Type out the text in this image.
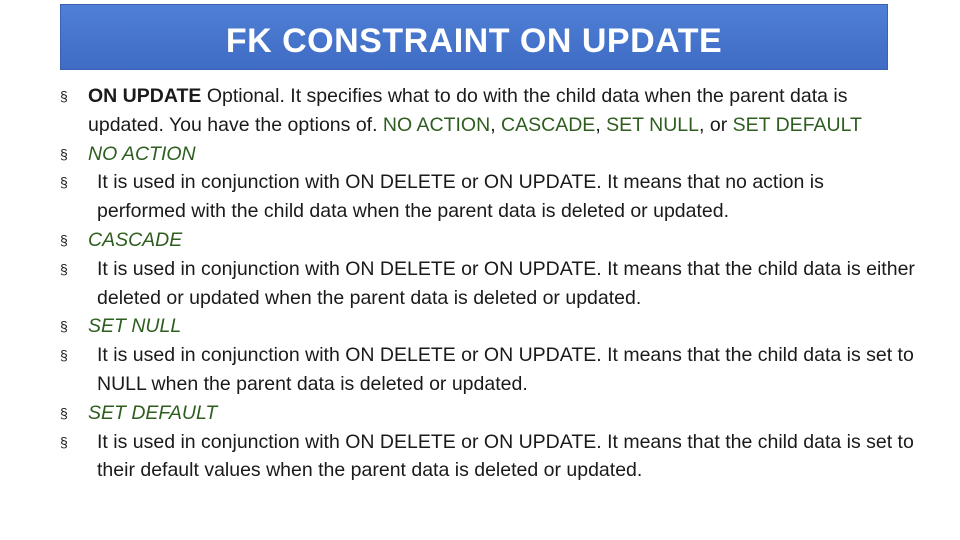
FK CONSTRAINT ON UPDATE
§ ON UPDATE Optional. It specifies what to do with the child data when the parent data is updated. You have the options of. NO ACTION, CASCADE, SET NULL, or SET DEFAULT
§ NO ACTION
§	It is used in conjunction with ON DELETE or ON UPDATE. It means that no action is performed with the child data when the parent data is deleted or updated.
§ CASCADE
§	It is used in conjunction with ON DELETE or ON UPDATE. It means that the child data is either deleted or updated when the parent data is deleted or updated.
§ SET NULL
§	It is used in conjunction with ON DELETE or ON UPDATE. It means that the child data is set to NULL when the parent data is deleted or updated.
§ SET DEFAULT
§	It is used in conjunction with ON DELETE or ON UPDATE. It means that the child data is set to their default values when the parent data is deleted or updated.
